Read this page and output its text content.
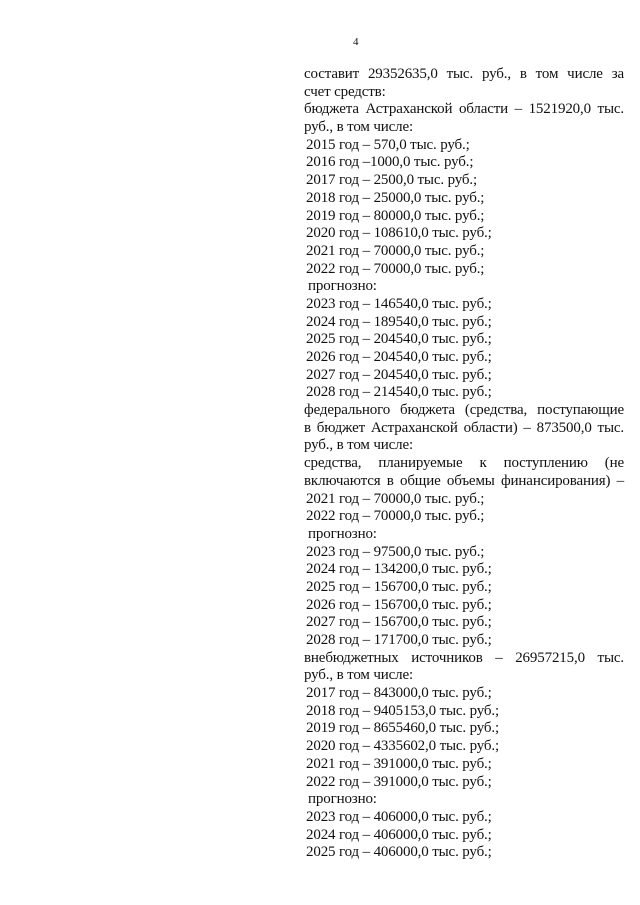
4
составит 29352635,0 тыс. руб., в том числе за
счет средств:
бюджета Астраханской области – 1521920,0 тыс.
руб., в том числе:
2015 год – 570,0 тыс. руб.;
2016 год –1000,0 тыс. руб.;
2017 год – 2500,0 тыс. руб.;
2018 год – 25000,0 тыс. руб.;
2019 год – 80000,0 тыс. руб.;
2020 год – 108610,0 тыс. руб.;
2021 год – 70000,0 тыс. руб.;
2022 год – 70000,0 тыс. руб.;
прогнозно:
2023 год – 146540,0 тыс. руб.;
2024 год – 189540,0 тыс. руб.;
2025 год – 204540,0 тыс. руб.;
2026 год – 204540,0 тыс. руб.;
2027 год – 204540,0 тыс. руб.;
2028 год – 214540,0 тыс. руб.;
федерального бюджета (средства, поступающие
в бюджет Астраханской области) – 873500,0 тыс.
руб., в том числе:
средства, планируемые к поступлению (не
включаются в общие объемы финансирования) –
2021 год – 70000,0 тыс. руб.;
2022 год – 70000,0 тыс. руб.;
прогнозно:
2023 год – 97500,0 тыс. руб.;
2024 год – 134200,0 тыс. руб.;
2025 год – 156700,0 тыс. руб.;
2026 год – 156700,0 тыс. руб.;
2027 год – 156700,0 тыс. руб.;
2028 год – 171700,0 тыс. руб.;
внебюджетных источников – 26957215,0 тыс.
руб., в том числе:
2017 год – 843000,0 тыс. руб.;
2018 год – 9405153,0 тыс. руб.;
2019 год – 8655460,0 тыс. руб.;
2020 год – 4335602,0 тыс. руб.;
2021 год – 391000,0 тыс. руб.;
2022 год – 391000,0 тыс. руб.;
прогнозно:
2023 год – 406000,0 тыс. руб.;
2024 год – 406000,0 тыс. руб.;
2025 год – 406000,0 тыс. руб.;
